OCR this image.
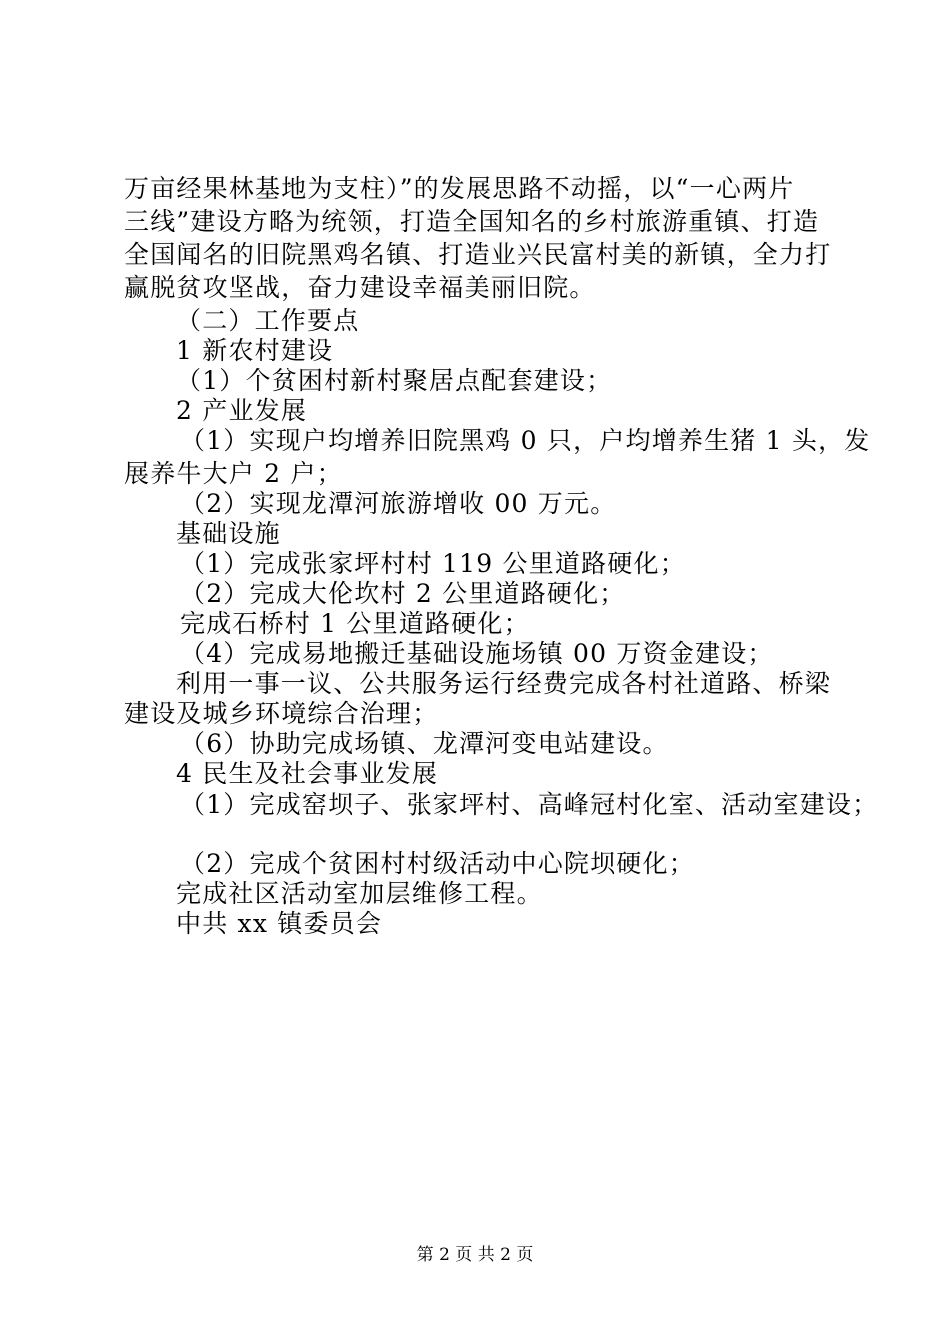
万亩经果林基地为支柱）”的发展思路不动摇，以“一心两片
三线”建设方略为统领，打造全国知名的乡村旅游重镇、打造
全国闻名的旧院黑鸡名镇、打造业兴民富村美的新镇，全力打
赢脱贫攻坚战，奋力建设幸福美丽旧院。
（二）工作要点
1 新农村建设
（1）个贫困村新村聚居点配套建设；
2 产业发展
（1）实现户均增养旧院黑鸡 0 只，户均增养生猪 1 头，发
展养牛大户 2 户；
（2）实现龙潭河旅游增收 00 万元。
基础设施
（1）完成张家坪村村 119 公里道路硬化；
（2）完成大伦坎村 2 公里道路硬化；
完成石桥村 1 公里道路硬化；
（4）完成易地搬迁基础设施场镇 00 万资金建设；
利用一事一议、公共服务运行经费完成各村社道路、桥梁
建设及城乡环境综合治理；
（6）协助完成场镇、龙潭河变电站建设。
4 民生及社会事业发展
（1）完成窑坝子、张家坪村、高峰冠村化室、活动室建设；
（2）完成个贫困村村级活动中心院坝硬化；
完成社区活动室加层维修工程。
中共 xx 镇委员会
第 2 页 共 2 页
